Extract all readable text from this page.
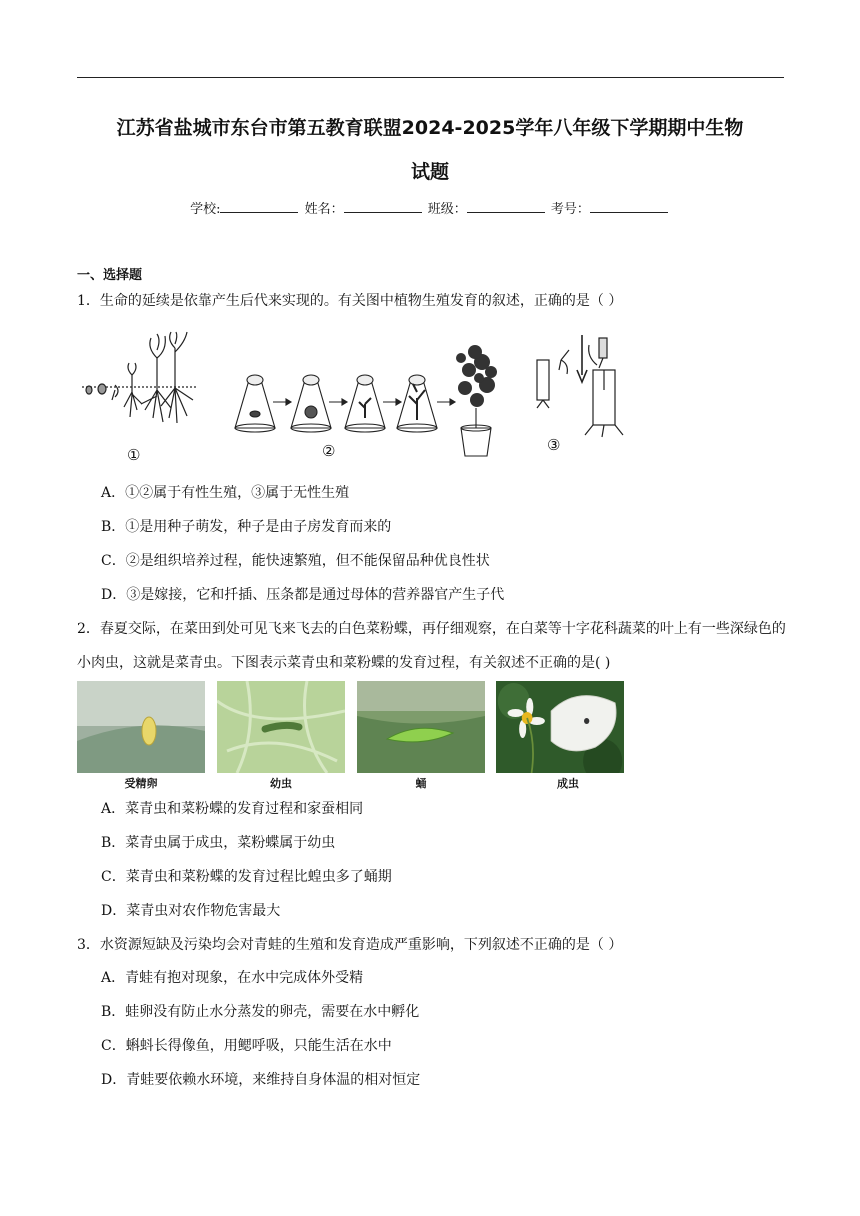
江苏省盐城市东台市第五教育联盟2024-2025学年八年级下学期期中生物
试题
学校:	姓名：	班级：	考号：
一、选择题
1．生命的延续是依靠产生后代来实现的。有关图中植物生殖发育的叙述，正确的是（ ）
①	②	③
A．①②属于有性生殖，③属于无性生殖
B．①是用种子萌发，种子是由子房发育而来的
C．②是组织培养过程，能快速繁殖，但不能保留品种优良性状
D．③是嫁接，它和扦插、压条都是通过母体的营养器官产生子代
2．春夏交际，在菜田到处可见飞来飞去的白色菜粉蝶，再仔细观察，在白菜等十字花科蔬菜的叶上有一些深绿色的小肉虫，这就是菜青虫。下图表示菜青虫和菜粉蝶的发育过程，有关叙述不正确的是( )
受精卵	幼虫	蛹	成虫
A．菜青虫和菜粉蝶的发育过程和家蚕相同
B．菜青虫属于成虫，菜粉蝶属于幼虫
C．菜青虫和菜粉蝶的发育过程比蝗虫多了蛹期
D．菜青虫对农作物危害最大
3．水资源短缺及污染均会对青蛙的生殖和发育造成严重影响，下列叙述不正确的是（ ）
A．青蛙有抱对现象，在水中完成体外受精
B．蛙卵没有防止水分蒸发的卵壳，需要在水中孵化
C．蝌蚪长得像鱼，用鳃呼吸，只能生活在水中
D．青蛙要依赖水环境，来维持自身体温的相对恒定
